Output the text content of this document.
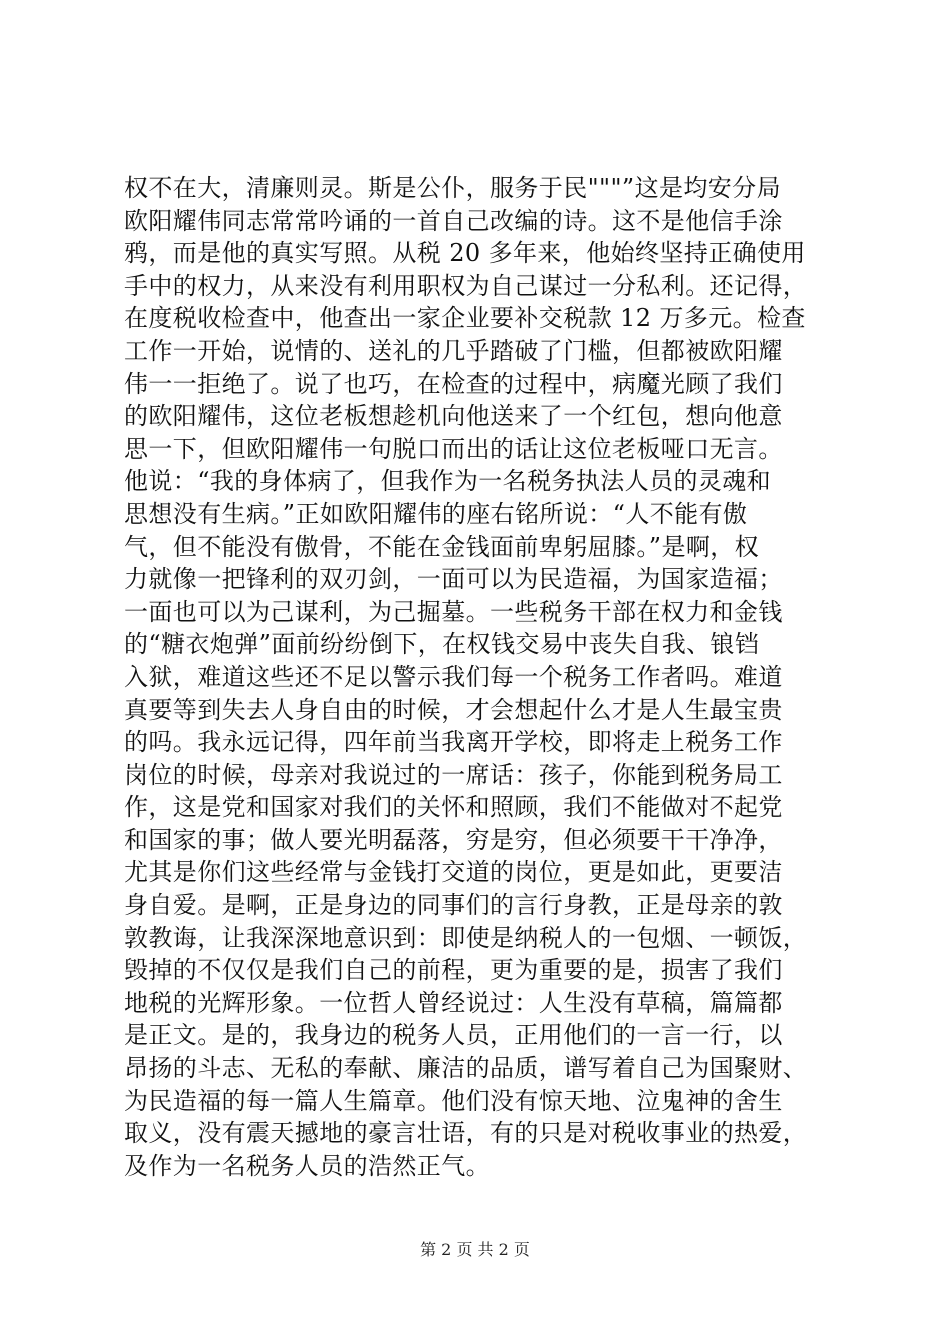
权不在大，清廉则灵。斯是公仆，服务于民"""”这是均安分局
欧阳耀伟同志常常吟诵的一首自己改编的诗。这不是他信手涂
鸦，而是他的真实写照。从税 20 多年来，他始终坚持正确使用
手中的权力，从来没有利用职权为自己谋过一分私利。还记得，
在度税收检查中，他查出一家企业要补交税款 12 万多元。检查
工作一开始，说情的、送礼的几乎踏破了门槛，但都被欧阳耀
伟一一拒绝了。说了也巧，在检查的过程中，病魔光顾了我们
的欧阳耀伟，这位老板想趁机向他送来了一个红包，想向他意
思一下，但欧阳耀伟一句脱口而出的话让这位老板哑口无言。
他说：“我的身体病了，但我作为一名税务执法人员的灵魂和
思想没有生病。”正如欧阳耀伟的座右铭所说：“人不能有傲
气，但不能没有傲骨，不能在金钱面前卑躬屈膝。”是啊，权
力就像一把锋利的双刃剑，一面可以为民造福，为国家造福；
一面也可以为己谋利，为己掘墓。一些税务干部在权力和金钱
的“糖衣炮弹”面前纷纷倒下，在权钱交易中丧失自我、锒铛
入狱，难道这些还不足以警示我们每一个税务工作者吗。难道
真要等到失去人身自由的时候，才会想起什么才是人生最宝贵
的吗。我永远记得，四年前当我离开学校，即将走上税务工作
岗位的时候，母亲对我说过的一席话：孩子，你能到税务局工
作，这是党和国家对我们的关怀和照顾，我们不能做对不起党
和国家的事；做人要光明磊落，穷是穷，但必须要干干净净，
尤其是你们这些经常与金钱打交道的岗位，更是如此，更要洁
身自爱。是啊，正是身边的同事们的言行身教，正是母亲的敦
敦教诲，让我深深地意识到：即使是纳税人的一包烟、一顿饭，
毁掉的不仅仅是我们自己的前程，更为重要的是，损害了我们
地税的光辉形象。一位哲人曾经说过：人生没有草稿，篇篇都
是正文。是的，我身边的税务人员，正用他们的一言一行，以
昂扬的斗志、无私的奉献、廉洁的品质，谱写着自己为国聚财、
为民造福的每一篇人生篇章。他们没有惊天地、泣鬼神的舍生
取义，没有震天撼地的豪言壮语，有的只是对税收事业的热爱，
及作为一名税务人员的浩然正气。
第 2 页 共 2 页
